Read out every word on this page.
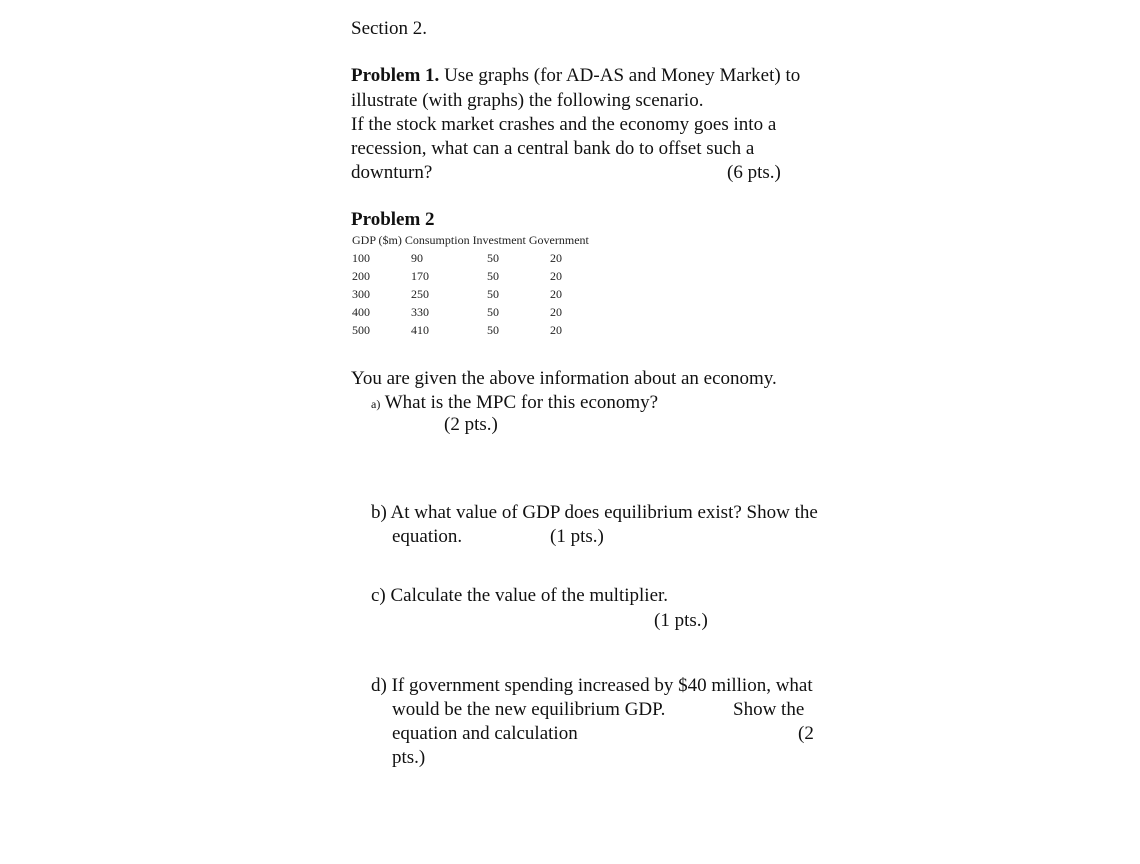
Section 2.
Problem 1. Use graphs (for AD-AS and Money Market) to
illustrate (with graphs) the following scenario.
If the stock market crashes and the economy goes into a
recession, what can a central bank do to offset such a
downturn?	(6 pts.)
Problem 2
GDP ($m) Consumption Investment Government
100	90	50	20
200	170	50	20
300	250	50	20
400	330	50	20
500	410	50	20
You are given the above information about an economy.
a) What is the MPC for this economy?
(2 pts.)
b) At what value of GDP does equilibrium exist? Show the
equation.	(1 pts.)
c) Calculate the value of the multiplier.
(1 pts.)
d) If government spending increased by $40 million, what
would be the new equilibrium GDP.	Show the
equation and calculation	(2
pts.)
